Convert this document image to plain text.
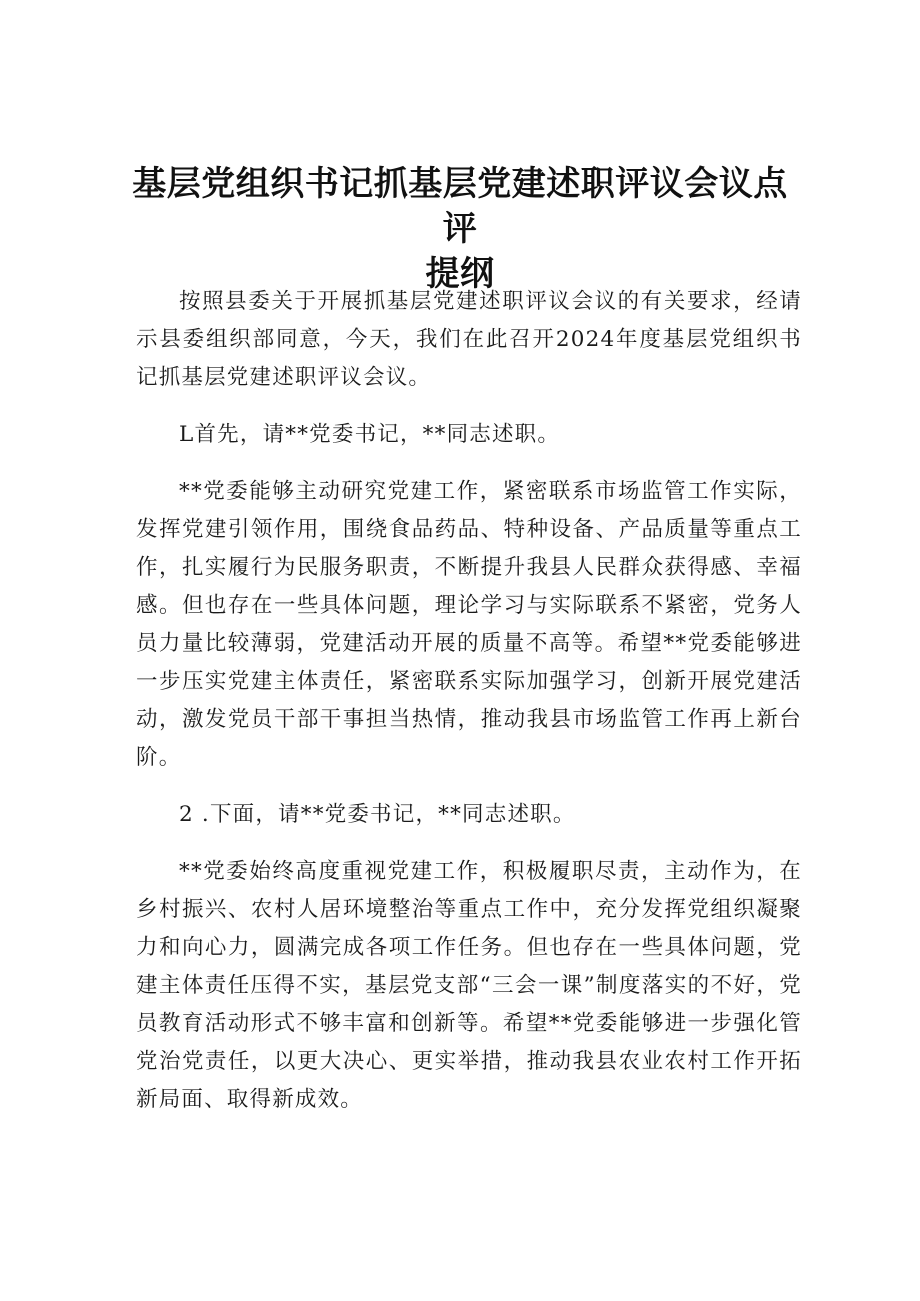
基层党组织书记抓基层党建述职评议会议点评
提纲

按照县委关于开展抓基层党建述职评议会议的有关要求，经请示县委组织部同意，今天，我们在此召开2024年度基层党组织书记抓基层党建述职评议会议。

L首先，请**党委书记，**同志述职。

**党委能够主动研究党建工作，紧密联系市场监管工作实际，发挥党建引领作用，围绕食品药品、特种设备、产品质量等重点工作，扎实履行为民服务职责，不断提升我县人民群众获得感、幸福感。但也存在一些具体问题，理论学习与实际联系不紧密，党务人员力量比较薄弱，党建活动开展的质量不高等。希望**党委能够进一步压实党建主体责任，紧密联系实际加强学习，创新开展党建活动，激发党员干部干事担当热情，推动我县市场监管工作再上新台阶。

2 .下面，请**党委书记，**同志述职。

**党委始终高度重视党建工作，积极履职尽责，主动作为，在乡村振兴、农村人居环境整治等重点工作中，充分发挥党组织凝聚力和向心力，圆满完成各项工作任务。但也存在一些具体问题，党建主体责任压得不实，基层党支部“三会一课”制度落实的不好，党员教育活动形式不够丰富和创新等。希望**党委能够进一步强化管党治党责任，以更大决心、更实举措，推动我县农业农村工作开拓新局面、取得新成效。
